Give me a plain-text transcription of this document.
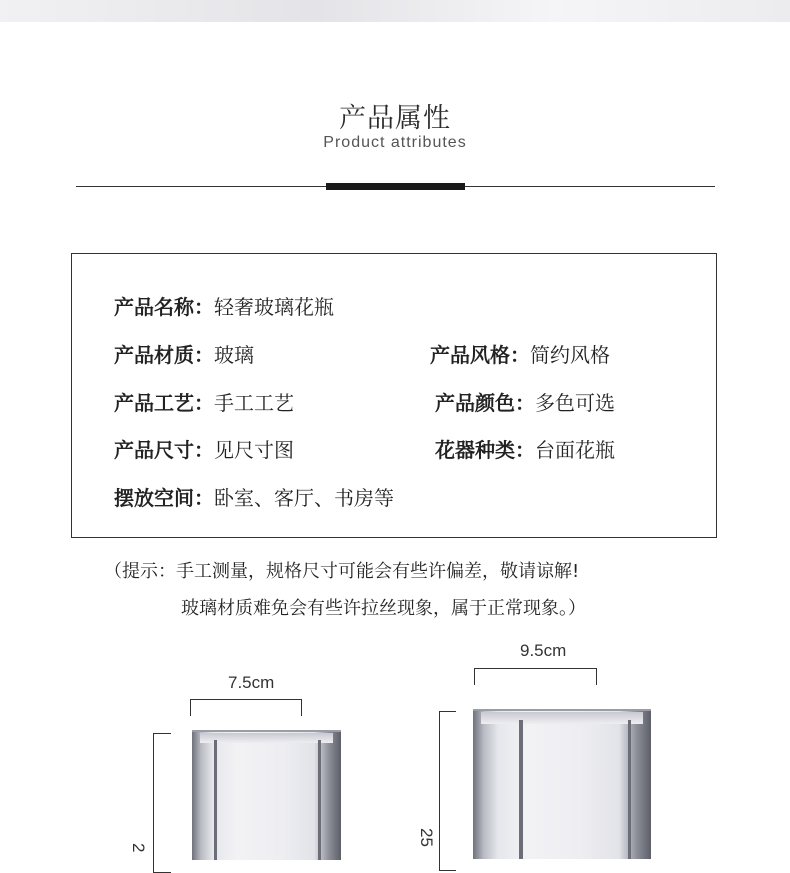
产品属性
Product attributes
产品名称：轻奢玻璃花瓶
产品材质：玻璃	产品风格：简约风格
产品工艺：手工工艺	产品颜色：多色可选
产品尺寸：见尺寸图	花器种类：台面花瓶
摆放空间：卧室、客厅、书房等
（提示：手工测量，规格尺寸可能会有些许偏差，敬请谅解!
玻璃材质难免会有些许拉丝现象，属于正常现象。）
7.5cm
2
9.5cm
25
